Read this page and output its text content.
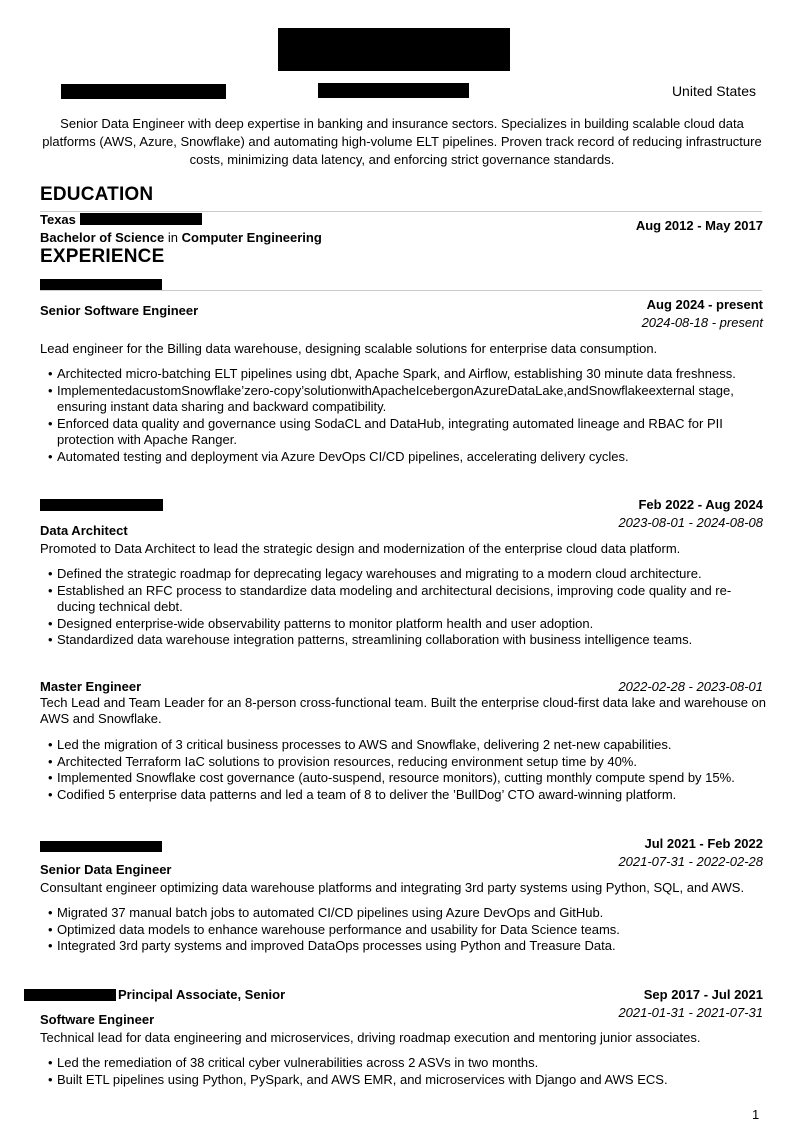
YOUR NAME
United States
Senior Data Engineer with deep expertise in banking and insurance sectors. Specializes in building scalable cloud data platforms (AWS, Azure, Snowflake) and automating high-volume ELT pipelines. Proven track record of reducing infrastructure costs, minimizing data latency, and enforcing strict governance standards.
EDUCATION
Texas	Aug 2012 - May 2017
Bachelor of Science in Computer Engineering
EXPERIENCE
Senior Software Engineer	Aug 2024 - present
2024-08-18 - present
Lead engineer for the Billing data warehouse, designing scalable solutions for enterprise data consumption.
• Architected micro-batching ELT pipelines using dbt, Apache Spark, and Airflow, establishing 30 minute data freshness.
• ImplementedacustomSnowflake’zero-copy’solutionwithApacheIcebergonAzureDataLake,andSnowflakeexternal stage, ensuring instant data sharing and backward compatibility.
• Enforced data quality and governance using SodaCL and DataHub, integrating automated lineage and RBAC for PII protection with Apache Ranger.
• Automated testing and deployment via Azure DevOps CI/CD pipelines, accelerating delivery cycles.
Feb 2022 - Aug 2024
2023-08-01 - 2024-08-08
Data Architect
Promoted to Data Architect to lead the strategic design and modernization of the enterprise cloud data platform.
• Defined the strategic roadmap for deprecating legacy warehouses and migrating to a modern cloud architecture.
• Established an RFC process to standardize data modeling and architectural decisions, improving code quality and re- ducing technical debt.
• Designed enterprise-wide observability patterns to monitor platform health and user adoption.
• Standardized data warehouse integration patterns, streamlining collaboration with business intelligence teams.
Master Engineer	2022-02-28 - 2023-08-01
Tech Lead and Team Leader for an 8-person cross-functional team. Built the enterprise cloud-first data lake and warehouse on AWS and Snowflake.
• Led the migration of 3 critical business processes to AWS and Snowflake, delivering 2 net-new capabilities.
• Architected Terraform IaC solutions to provision resources, reducing environment setup time by 40%.
• Implemented Snowflake cost governance (auto-suspend, resource monitors), cutting monthly compute spend by 15%.
• Codified 5 enterprise data patterns and led a team of 8 to deliver the ’BullDog’ CTO award-winning platform.
Jul 2021 - Feb 2022
2021-07-31 - 2022-02-28
Senior Data Engineer
Consultant engineer optimizing data warehouse platforms and integrating 3rd party systems using Python, SQL, and AWS.
• Migrated 37 manual batch jobs to automated CI/CD pipelines using Azure DevOps and GitHub.
• Optimized data models to enhance warehouse performance and usability for Data Science teams.
• Integrated 3rd party systems and improved DataOps processes using Python and Treasure Data.
Principal Associate, Senior	Sep 2017 - Jul 2021
2021-01-31 - 2021-07-31
Software Engineer
Technical lead for data engineering and microservices, driving roadmap execution and mentoring junior associates.
• Led the remediation of 38 critical cyber vulnerabilities across 2 ASVs in two months.
• Built ETL pipelines using Python, PySpark, and AWS EMR, and microservices with Django and AWS ECS.
1
